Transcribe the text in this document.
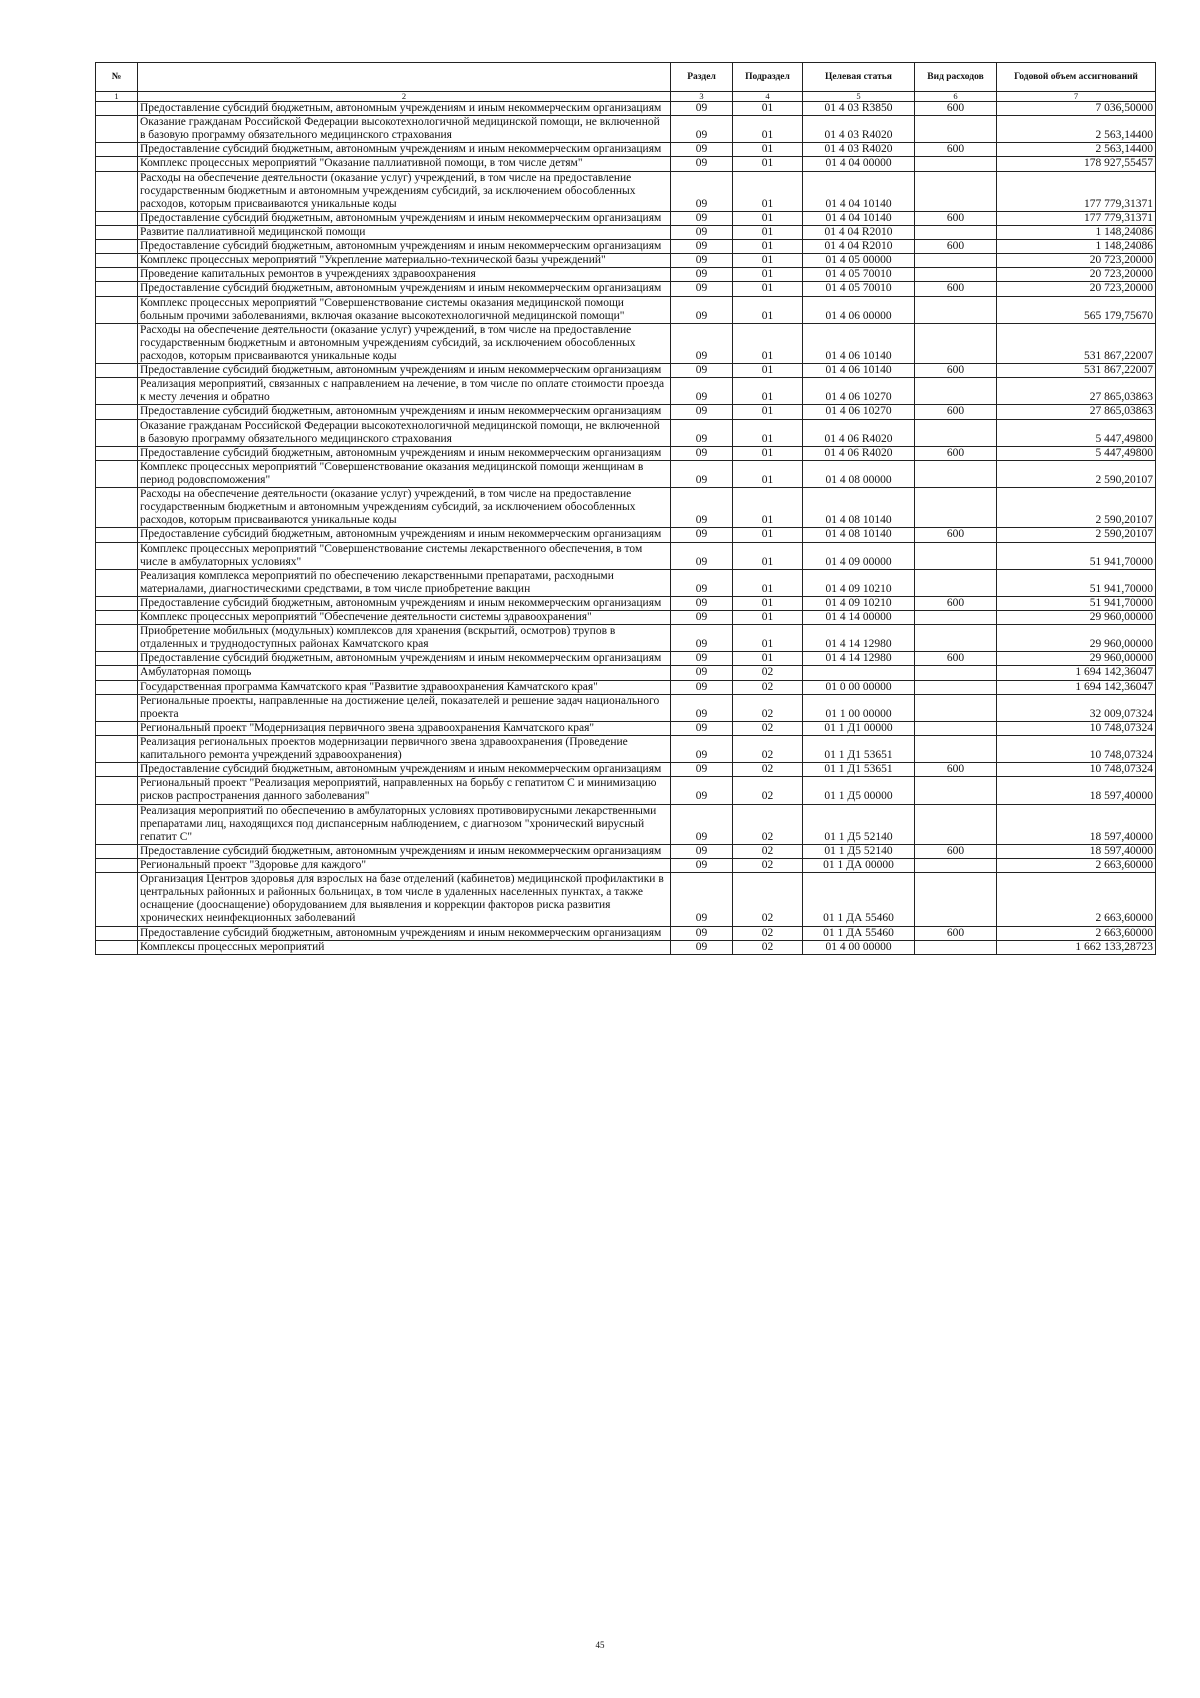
№		Раздел	Подраздел	Целевая статья	Вид расходов	Годовой объем ассигнований
1	2	3	4	5	6	7
	Предоставление субсидий бюджетным, автономным учреждениям и иным некоммерческим организациям	09	01	01 4 03 R3850	600	7 036,50000
	Оказание гражданам Российской Федерации высокотехнологичной медицинской помощи, не включенной в базовую программу обязательного медицинского страхования	09	01	01 4 03 R4020		2 563,14400
	Предоставление субсидий бюджетным, автономным учреждениям и иным некоммерческим организациям	09	01	01 4 03 R4020	600	2 563,14400
	Комплекс процессных мероприятий "Оказание паллиативной помощи, в том числе детям"	09	01	01 4 04 00000		178 927,55457
	Расходы на обеспечение деятельности (оказание услуг) учреждений, в том числе на предоставление государственным бюджетным и автономным учреждениям субсидий, за исключением обособленных расходов, которым присваиваются уникальные коды	09	01	01 4 04 10140		177 779,31371
	Предоставление субсидий бюджетным, автономным учреждениям и иным некоммерческим организациям	09	01	01 4 04 10140	600	177 779,31371
	Развитие паллиативной медицинской помощи	09	01	01 4 04 R2010		1 148,24086
	Предоставление субсидий бюджетным, автономным учреждениям и иным некоммерческим организациям	09	01	01 4 04 R2010	600	1 148,24086
	Комплекс процессных мероприятий "Укрепление материально-технической базы учреждений"	09	01	01 4 05 00000		20 723,20000
	Проведение капитальных ремонтов в учреждениях здравоохранения	09	01	01 4 05 70010		20 723,20000
	Предоставление субсидий бюджетным, автономным учреждениям и иным некоммерческим организациям	09	01	01 4 05 70010	600	20 723,20000
	Комплекс процессных мероприятий "Совершенствование системы оказания медицинской помощи больным прочими заболеваниями, включая оказание высокотехнологичной медицинской помощи"	09	01	01 4 06 00000		565 179,75670
	Расходы на обеспечение деятельности (оказание услуг) учреждений, в том числе на предоставление государственным бюджетным и автономным учреждениям субсидий, за исключением обособленных расходов, которым присваиваются уникальные коды	09	01	01 4 06 10140		531 867,22007
	Предоставление субсидий бюджетным, автономным учреждениям и иным некоммерческим организациям	09	01	01 4 06 10140	600	531 867,22007
	Реализация мероприятий, связанных с направлением на лечение, в том числе по оплате стоимости проезда к месту лечения и обратно	09	01	01 4 06 10270		27 865,03863
	Предоставление субсидий бюджетным, автономным учреждениям и иным некоммерческим организациям	09	01	01 4 06 10270	600	27 865,03863
	Оказание гражданам Российской Федерации высокотехнологичной медицинской помощи, не включенной в базовую программу обязательного медицинского страхования	09	01	01 4 06 R4020		5 447,49800
	Предоставление субсидий бюджетным, автономным учреждениям и иным некоммерческим организациям	09	01	01 4 06 R4020	600	5 447,49800
	Комплекс процессных мероприятий "Совершенствование оказания медицинской помощи женщинам в период родовспоможения"	09	01	01 4 08 00000		2 590,20107
	Расходы на обеспечение деятельности (оказание услуг) учреждений, в том числе на предоставление государственным бюджетным и автономным учреждениям субсидий, за исключением обособленных расходов, которым присваиваются уникальные коды	09	01	01 4 08 10140		2 590,20107
	Предоставление субсидий бюджетным, автономным учреждениям и иным некоммерческим организациям	09	01	01 4 08 10140	600	2 590,20107
	Комплекс процессных мероприятий "Совершенствование системы лекарственного обеспечения, в том числе в амбулаторных условиях"	09	01	01 4 09 00000		51 941,70000
	Реализация комплекса мероприятий по обеспечению лекарственными препаратами, расходными материалами, диагностическими средствами, в том числе приобретение вакцин	09	01	01 4 09 10210		51 941,70000
	Предоставление субсидий бюджетным, автономным учреждениям и иным некоммерческим организациям	09	01	01 4 09 10210	600	51 941,70000
	Комплекс процессных мероприятий "Обеспечение деятельности системы здравоохранения"	09	01	01 4 14 00000		29 960,00000
	Приобретение мобильных (модульных) комплексов для хранения (вскрытий, осмотров) трупов в отдаленных и труднодоступных районах Камчатского края	09	01	01 4 14 12980		29 960,00000
	Предоставление субсидий бюджетным, автономным учреждениям и иным некоммерческим организациям	09	01	01 4 14 12980	600	29 960,00000
	Амбулаторная помощь	09	02			1 694 142,36047
	Государственная программа Камчатского края "Развитие здравоохранения Камчатского края"	09	02	01 0 00 00000		1 694 142,36047
	Региональные проекты, направленные на достижение целей, показателей и решение задач национального проекта	09	02	01 1 00 00000		32 009,07324
	Региональный проект "Модернизация первичного звена здравоохранения Камчатского края"	09	02	01 1 Д1 00000		10 748,07324
	Реализация региональных проектов модернизации первичного звена здравоохранения (Проведение капитального ремонта учреждений здравоохранения)	09	02	01 1 Д1 53651		10 748,07324
	Предоставление субсидий бюджетным, автономным учреждениям и иным некоммерческим организациям	09	02	01 1 Д1 53651	600	10 748,07324
	Региональный проект "Реализация мероприятий, направленных на борьбу с гепатитом С и минимизацию рисков распространения данного заболевания"	09	02	01 1 Д5 00000		18 597,40000
	Реализация мероприятий по обеспечению в амбулаторных условиях противовирусными лекарственными препаратами лиц, находящихся под диспансерным наблюдением, с диагнозом "хронический вирусный гепатит С"	09	02	01 1 Д5 52140		18 597,40000
	Предоставление субсидий бюджетным, автономным учреждениям и иным некоммерческим организациям	09	02	01 1 Д5 52140	600	18 597,40000
	Региональный проект "Здоровье для каждого"	09	02	01 1 ДА 00000		2 663,60000
	Организация Центров здоровья для взрослых на базе отделений (кабинетов) медицинской профилактики в центральных районных и районных больницах, в том числе в удаленных населенных пунктах, а также оснащение (дооснащение) оборудованием для выявления и коррекции факторов риска развития хронических неинфекционных заболеваний	09	02	01 1 ДА 55460		2 663,60000
	Предоставление субсидий бюджетным, автономным учреждениям и иным некоммерческим организациям	09	02	01 1 ДА 55460	600	2 663,60000
	Комплексы процессных мероприятий	09	02	01 4 00 00000		1 662 133,28723
45
